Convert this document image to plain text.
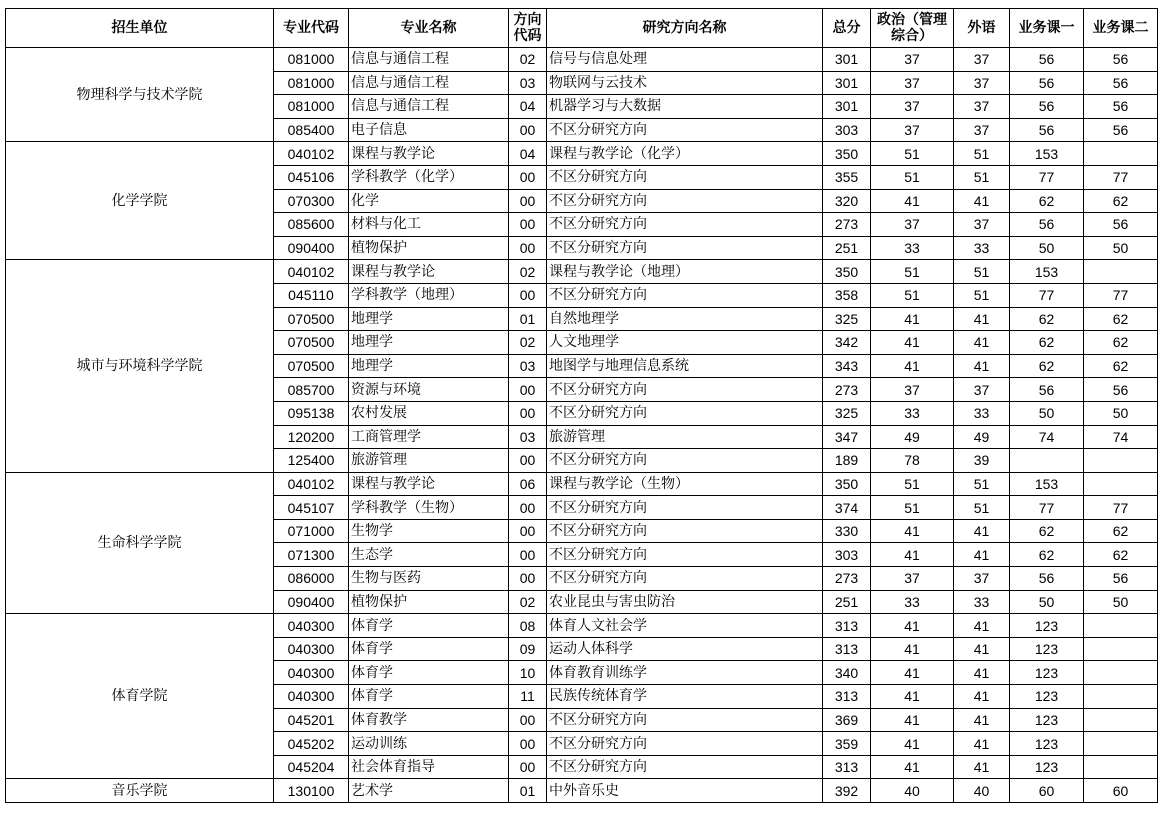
招生单位	专业代码	专业名称	方向代码	研究方向名称	总分	政治（管理综合）	外语	业务课一	业务课二
物理科学与技术学院	081000	信息与通信工程	02	信号与信息处理	301	37	37	56	56
	081000	信息与通信工程	03	物联网与云技术	301	37	37	56	56
	081000	信息与通信工程	04	机器学习与大数据	301	37	37	56	56
	085400	电子信息	00	不区分研究方向	303	37	37	56	56
化学学院	040102	课程与教学论	04	课程与教学论（化学）	350	51	51	153	
	045106	学科教学（化学）	00	不区分研究方向	355	51	51	77	77
	070300	化学	00	不区分研究方向	320	41	41	62	62
	085600	材料与化工	00	不区分研究方向	273	37	37	56	56
	090400	植物保护	00	不区分研究方向	251	33	33	50	50
城市与环境科学学院	040102	课程与教学论	02	课程与教学论（地理）	350	51	51	153	
	045110	学科教学（地理）	00	不区分研究方向	358	51	51	77	77
	070500	地理学	01	自然地理学	325	41	41	62	62
	070500	地理学	02	人文地理学	342	41	41	62	62
	070500	地理学	03	地图学与地理信息系统	343	41	41	62	62
	085700	资源与环境	00	不区分研究方向	273	37	37	56	56
	095138	农村发展	00	不区分研究方向	325	33	33	50	50
	120200	工商管理学	03	旅游管理	347	49	49	74	74
	125400	旅游管理	00	不区分研究方向	189	78	39		
生命科学学院	040102	课程与教学论	06	课程与教学论（生物）	350	51	51	153	
	045107	学科教学（生物）	00	不区分研究方向	374	51	51	77	77
	071000	生物学	00	不区分研究方向	330	41	41	62	62
	071300	生态学	00	不区分研究方向	303	41	41	62	62
	086000	生物与医药	00	不区分研究方向	273	37	37	56	56
	090400	植物保护	02	农业昆虫与害虫防治	251	33	33	50	50
体育学院	040300	体育学	08	体育人文社会学	313	41	41	123	
	040300	体育学	09	运动人体科学	313	41	41	123	
	040300	体育学	10	体育教育训练学	340	41	41	123	
	040300	体育学	11	民族传统体育学	313	41	41	123	
	045201	体育教学	00	不区分研究方向	369	41	41	123	
	045202	运动训练	00	不区分研究方向	359	41	41	123	
	045204	社会体育指导	00	不区分研究方向	313	41	41	123	
音乐学院	130100	艺术学	01	中外音乐史	392	40	40	60	60
